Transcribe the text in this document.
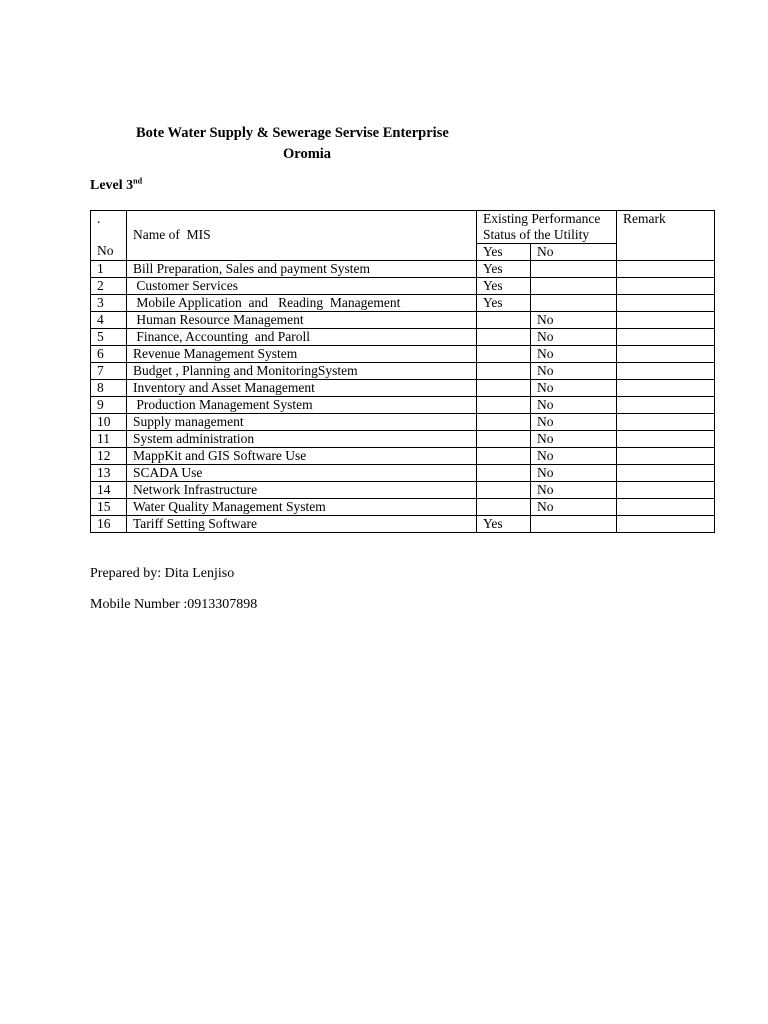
Bote Water Supply & Sewerage Servise Enterprise
Oromia
Level 3nd
.
No	Name of  MIS	Existing Performance Status of the Utility		Remark
		Yes	No	
1	Bill Preparation, Sales and payment System	Yes		
2	Customer Services	Yes		
3	Mobile Application  and   Reading  Management	Yes		
4	Human Resource Management		No	
5	Finance, Accounting  and Paroll		No	
6	Revenue Management System		No	
7	Budget , Planning and MonitoringSystem		No	
8	Inventory and Asset Management		No	
9	Production Management System		No	
10	Supply management		No	
11	System administration		No	
12	MappKit and GIS Software Use		No	
13	SCADA Use		No	
14	Network Infrastructure		No	
15	Water Quality Management System		No	
16	Tariff Setting Software	Yes		
Prepared by: Dita Lenjiso
Mobile Number :0913307898
